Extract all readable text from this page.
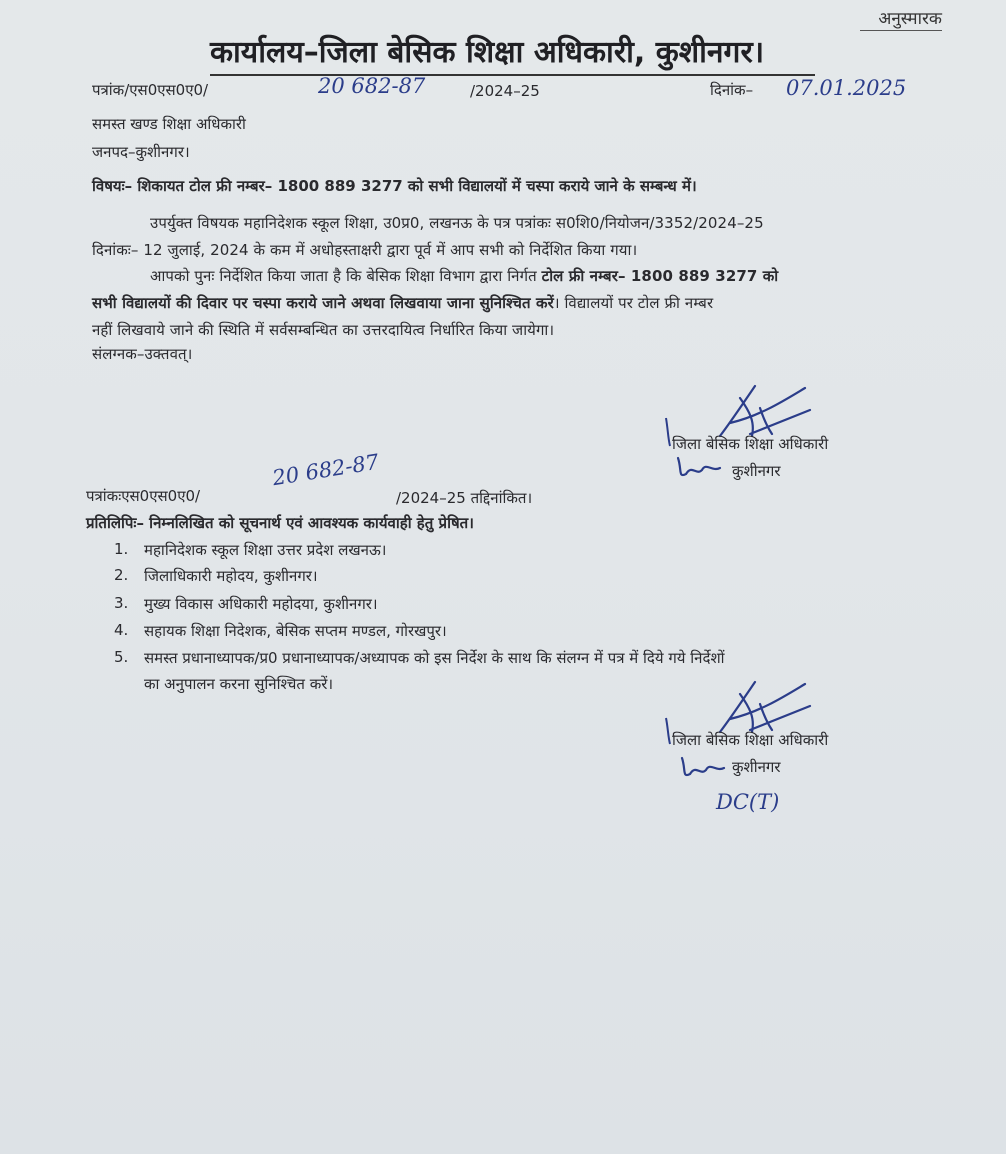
अनुस्मारक
कार्यालय–जिला बेसिक शिक्षा अधिकारी, कुशीनगर।
पत्रांक/एस0एस0ए0/	20 682-87	/2024–25	दिनांक– 07.01.2025
समस्त खण्ड शिक्षा अधिकारी
जनपद–कुशीनगर।
विषयः– शिकायत टोल फ्री नम्बर– 1800 889 3277 को सभी विद्यालयों में चस्पा कराये जाने के सम्बन्ध में।
उपर्युक्त विषयक महानिदेशक स्कूल शिक्षा, उ0प्र0, लखनऊ के पत्र पत्रांकः स0शि0/नियोजन/3352/2024–25
दिनांकः– 12 जुलाई, 2024 के कम में अधोहस्ताक्षरी द्वारा पूर्व में आप सभी को निर्देशित किया गया।
आपको पुनः निर्देशित किया जाता है कि बेसिक शिक्षा विभाग द्वारा निर्गत टोल फ्री नम्बर– 1800 889 3277 को
सभी विद्यालयों की दिवार पर चस्पा कराये जाने अथवा लिखवाया जाना सुनिश्चित करें। विद्यालयों पर टोल फ्री नम्बर
नहीं लिखवाये जाने की स्थिति में सर्वसम्बन्धित का उत्तरदायित्व निर्धारित किया जायेगा।
संलग्नक–उक्तवत्।
जिला बेसिक शिक्षा अधिकारी
कुशीनगर
पत्रांकःएस0एस0ए0/
20 682-87
/2024–25 तद्दिनांकित।
प्रतिलिपिः– निम्नलिखित को सूचनार्थ एवं आवश्यक कार्यवाही हेतु प्रेषित।
1. महानिदेशक स्कूल शिक्षा उत्तर प्रदेश लखनऊ।
2. जिलाधिकारी महोदय, कुशीनगर।
3. मुख्य विकास अधिकारी महोदया, कुशीनगर।
4. सहायक शिक्षा निदेशक, बेसिक सप्तम मण्डल, गोरखपुर।
5. समस्त प्रधानाध्यापक/प्र0 प्रधानाध्यापक/अध्यापक को इस निर्देश के साथ कि संलग्न में पत्र में दिये गये निर्देशों
का अनुपालन करना सुनिश्चित करें।
जिला बेसिक शिक्षा अधिकारी
कुशीनगर
DC(T)
